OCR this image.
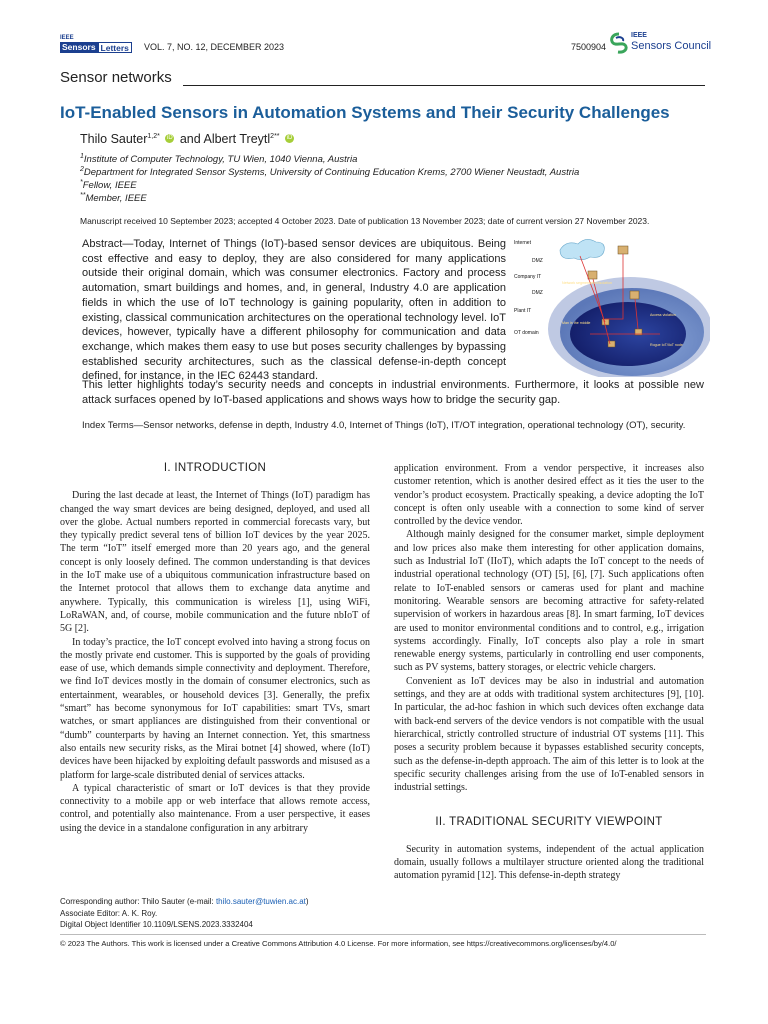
IEEE
Sensors Letters	VOL. 7, NO. 12, DECEMBER 2023	7500904
IEEE
Sensors Council
Sensor networks
IoT-Enabled Sensors in Automation Systems and Their Security Challenges
Thilo Sauter$^{1,2*}$ iD and Albert Treytl$^{2**}$ iD
$^1$Institute of Computer Technology, TU Wien, 1040 Vienna, Austria
$^2$Department for Integrated Sensor Systems, University of Continuing Education Krems, 2700 Wiener Neustadt, Austria
*Fellow, IEEE
**Member, IEEE
Manuscript received 10 September 2023; accepted 4 October 2023. Date of publication 13 November 2023; date of current version 27 November 2023.
Abstract—Today, Internet of Things (IoT)-based sensor devices are ubiquitous. Being cost effective and easy to deploy, they are also considered for many applications outside their original domain, which was consumer electronics. Factory and process automation, smart buildings and homes, and, in general, Industry 4.0 are application fields in which the use of IoT technology is gaining popularity, often in addition to existing, classical communication architectures on the operational technology level. IoT devices, however, typically have a different philosophy for communication and data exchange, which makes them easy to use but poses security challenges by bypassing established security architectures, such as the classical defense-in-depth concept defined, for instance, in the IEC 62443 standard.
This letter highlights today’s security needs and concepts in industrial environments. Furthermore, it looks at possible new attack surfaces opened by IoT-based applications and shows ways how to bridge the security gap.
Internet
DMZ
Company IT
DMZ
Plant IT
OT domain
Network segmentation/isolation
Man in the middle
Access violation
Rogue IoT/IIoT node
Index Terms—Sensor networks, defense in depth, Industry 4.0, Internet of Things (IoT), IT/OT integration, operational technology (OT), security.
I. INTRODUCTION

During the last decade at least, the Internet of Things (IoT) paradigm has changed the way smart devices are being designed, deployed, and used all over the globe. Actual numbers reported in commercial forecasts vary, but they typically predict several tens of billion IoT devices by the year 2025. The term “IoT” itself emerged more than 20 years ago, and the general concept is only loosely defined. The common understanding is that devices in the IoT make use of a ubiquitous communication infrastructure based on the Internet protocol that allows them to exchange data anytime and anywhere. Typically, this communication is wireless [1], using WiFi, LoRaWAN, and, of course, mobile communication and the future nbIoT of 5G [2].

In today’s practice, the IoT concept evolved into having a strong focus on the mostly private end customer. This is supported by the goals of providing ease of use, which demands simple connectivity and deployment. Therefore, we find IoT devices mostly in the domain of consumer electronics, such as entertainment, wearables, or household devices [3]. Generally, the prefix “smart” has become synonymous for IoT capabilities: smart TVs, smart watches, or smart appliances are distinguished from their conventional or “dumb” counterparts by having an Internet connection. Yet, this smartness also entails new security risks, as the Mirai botnet [4] showed, where (IoT) devices have been hijacked by exploiting default passwords and misused as a platform for large-scale distributed denial of services attacks.

A typical characteristic of smart or IoT devices is that they provide connectivity to a mobile app or web interface that allows remote access, control, and potentially also maintenance. From a user perspective, it eases using the device in a standalone configuration in any arbitrary

application environment. From a vendor perspective, it increases also customer retention, which is another desired effect as it ties the user to the vendor’s product ecosystem. Practically speaking, a device adopting the IoT concept is often only useable with a connection to some kind of server controlled by the device vendor.

Although mainly designed for the consumer market, simple deployment and low prices also make them interesting for other application domains, such as Industrial IoT (IIoT), which adapts the IoT concept to the needs of industrial operational technology (OT) [5], [6], [7]. Such applications often relate to IoT-enabled sensors or cameras used for plant and machine monitoring. Wearable sensors are becoming attractive for safety-related supervision of workers in hazardous areas [8]. In smart farming, IoT devices are used to monitor environmental conditions and to control, e.g., irrigation systems accordingly. Finally, IoT concepts also play a role in smart renewable energy systems, particularly in controlling end user components, such as PV systems, battery storages, or electric vehicle chargers.

Convenient as IoT devices may be also in industrial and automation settings, and they are at odds with traditional system architectures [9], [10]. In particular, the ad-hoc fashion in which such devices often exchange data with back-end servers of the device vendors is not compatible with the usual hierarchical, strictly controlled structure of industrial OT systems [11]. This poses a security problem because it bypasses established security concepts, such as the defense-in-depth approach. The aim of this letter is to look at the specific security challenges arising from the use of IoT-enabled sensors in industrial settings.

II. TRADITIONAL SECURITY VIEWPOINT

Security in automation systems, independent of the actual application domain, usually follows a multilayer structure oriented along the traditional automation pyramid [12]. This defense-in-depth strategy

Corresponding author: Thilo Sauter (e-mail: thilo.sauter@tuwien.ac.at)
Associate Editor: A. K. Roy.
Digital Object Identifier 10.1109/LSENS.2023.3332404
© 2023 The Authors. This work is licensed under a Creative Commons Attribution 4.0 License. For more information, see https://creativecommons.org/licenses/by/4.0/
